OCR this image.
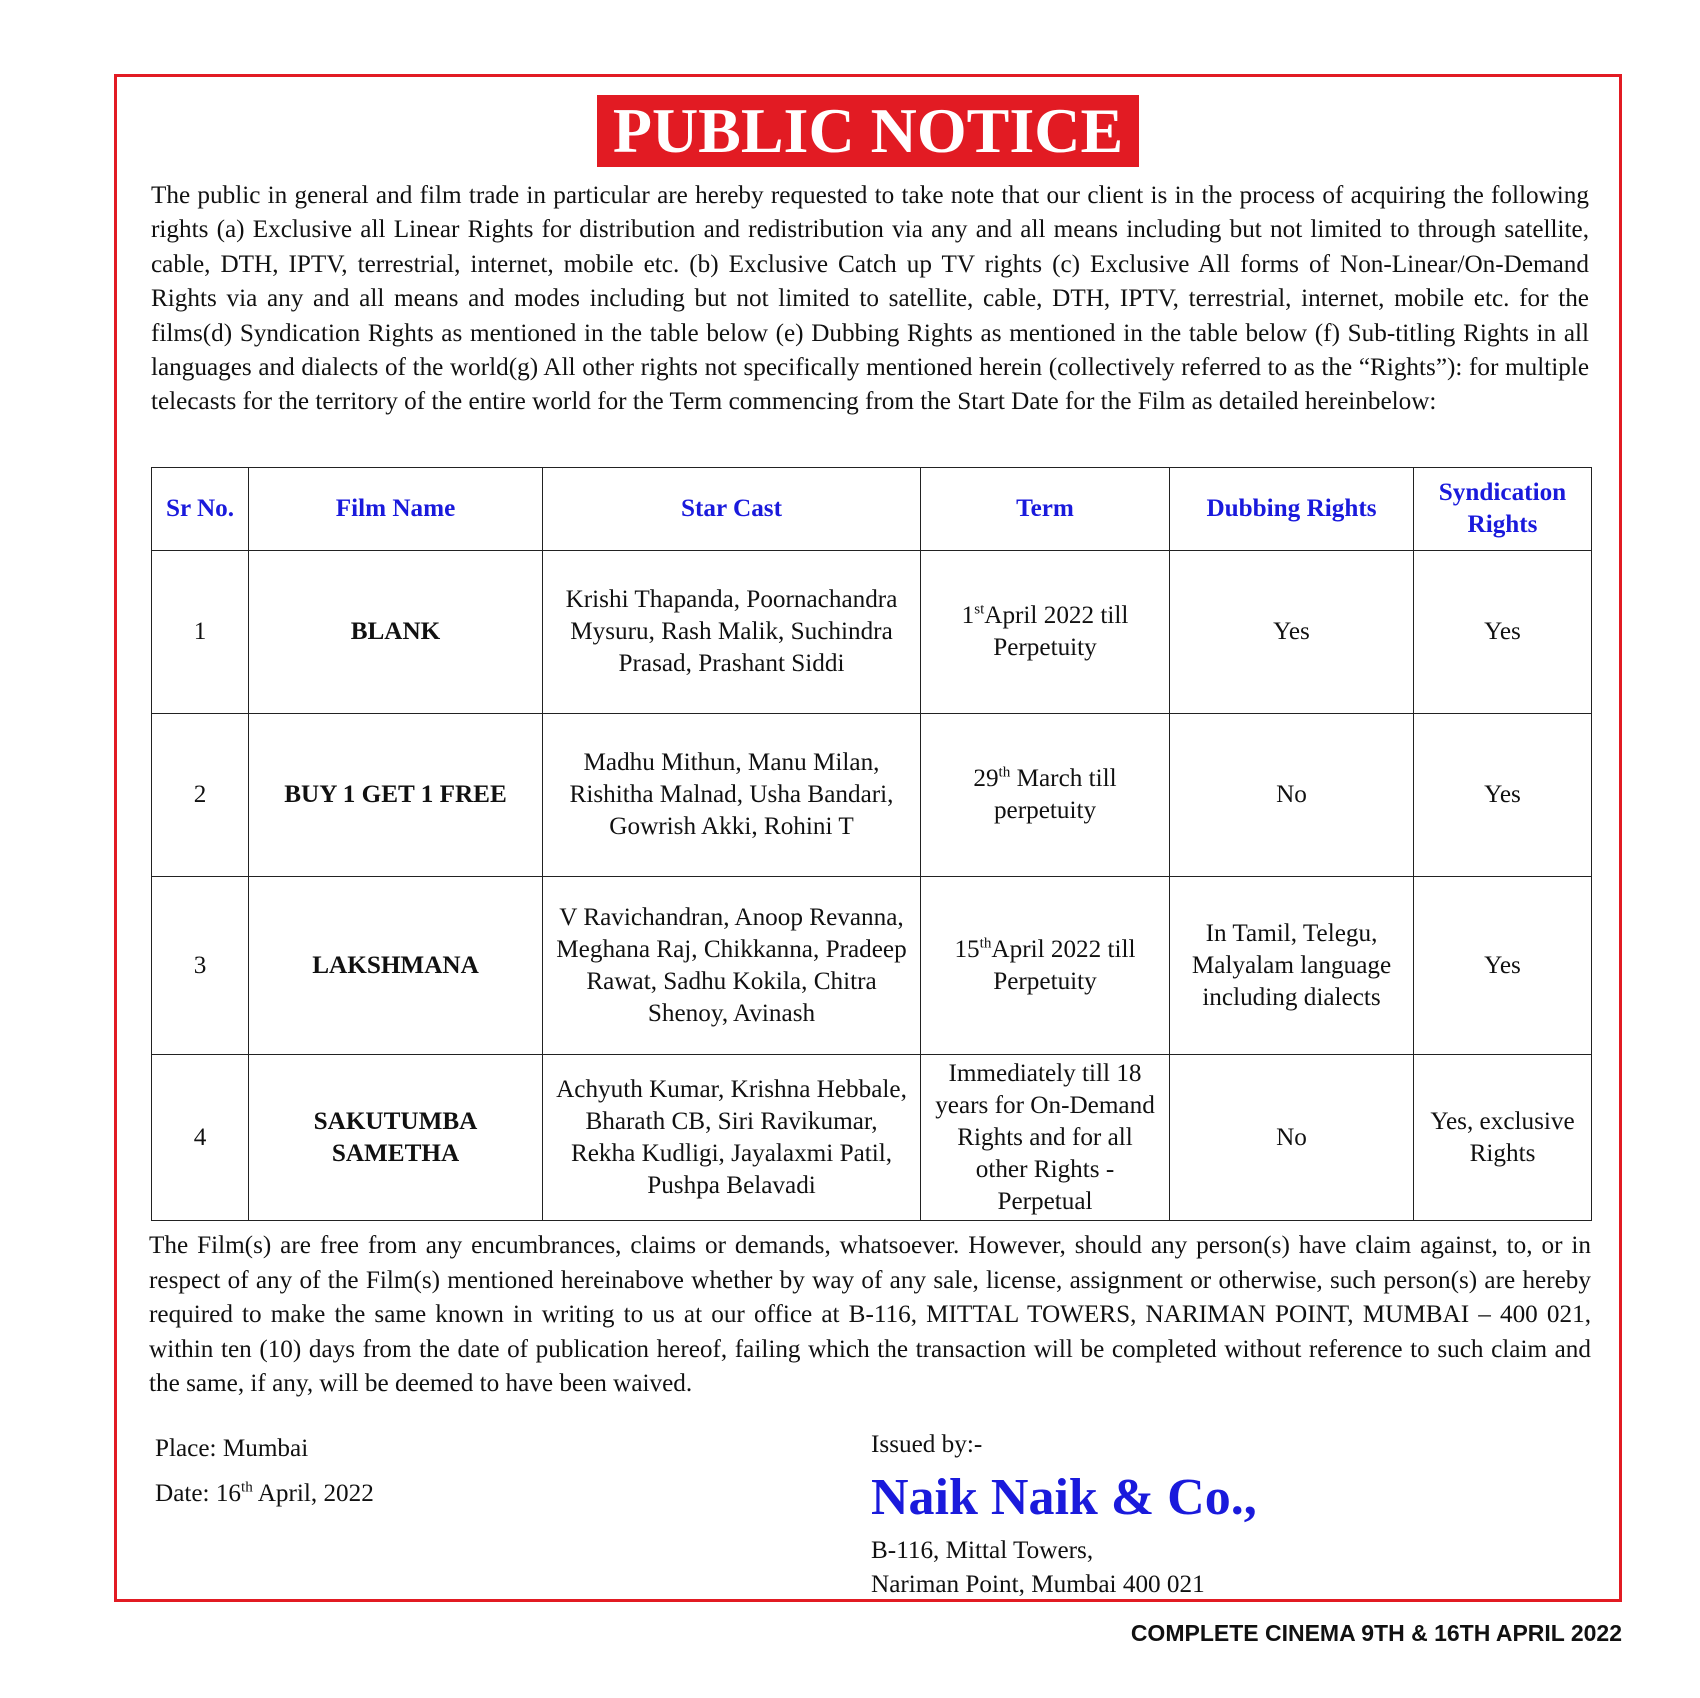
PUBLIC NOTICE

The public in general and film trade in particular are hereby requested to take note that our client is in the process of acquiring the following rights (a) Exclusive all Linear Rights for distribution and redistribution via any and all means including but not limited to through satellite, cable, DTH, IPTV, terrestrial, internet, mobile etc. (b) Exclusive Catch up TV rights (c) Exclusive All forms of Non-Linear/On-Demand Rights via any and all means and modes including but not limited to satellite, cable, DTH, IPTV, terrestrial, internet, mobile etc. for the films(d) Syndication Rights as mentioned in the table below (e) Dubbing Rights as mentioned in the table below (f) Sub-titling Rights in all languages and dialects of the world(g) All other rights not specifically mentioned herein (collectively referred to as the “Rights”): for multiple telecasts for the territory of the entire world for the Term commencing from the Start Date for the Film as detailed hereinbelow:

Sr No.	Film Name	Star Cast	Term	Dubbing Rights	Syndication Rights
1	BLANK	Krishi Thapanda, Poornachandra Mysuru, Rash Malik, Suchindra Prasad, Prashant Siddi	1stApril 2022 till Perpetuity	Yes	Yes
2	BUY 1 GET 1 FREE	Madhu Mithun, Manu Milan, Rishitha Malnad, Usha Bandari, Gowrish Akki, Rohini T	29th March till perpetuity	No	Yes
3	LAKSHMANA	V Ravichandran, Anoop Revanna, Meghana Raj, Chikkanna, Pradeep Rawat, Sadhu Kokila, Chitra Shenoy, Avinash	15thApril 2022 till Perpetuity	In Tamil, Telegu, Malyalam language including dialects	Yes
4	SAKUTUMBA SAMETHA	Achyuth Kumar, Krishna Hebbale, Bharath CB, Siri Ravikumar, Rekha Kudligi, Jayalaxmi Patil, Pushpa Belavadi	Immediately till 18 years for On-Demand Rights and for all other Rights - Perpetual	No	Yes, exclusive Rights

The Film(s) are free from any encumbrances, claims or demands, whatsoever. However, should any person(s) have claim against, to, or in respect of any of the Film(s) mentioned hereinabove whether by way of any sale, license, assignment or otherwise, such person(s) are hereby required to make the same known in writing to us at our office at B-116, MITTAL TOWERS, NARIMAN POINT, MUMBAI – 400 021, within ten (10) days from the date of publication hereof, failing which the transaction will be completed without reference to such claim and the same, if any, will be deemed to have been waived.

Place: Mumbai
Date: 16th April, 2022
Issued by:-
Naik Naik & Co.,
B-116, Mittal Towers,
Nariman Point, Mumbai 400 021
COMPLETE CINEMA 9TH & 16TH APRIL 2022
